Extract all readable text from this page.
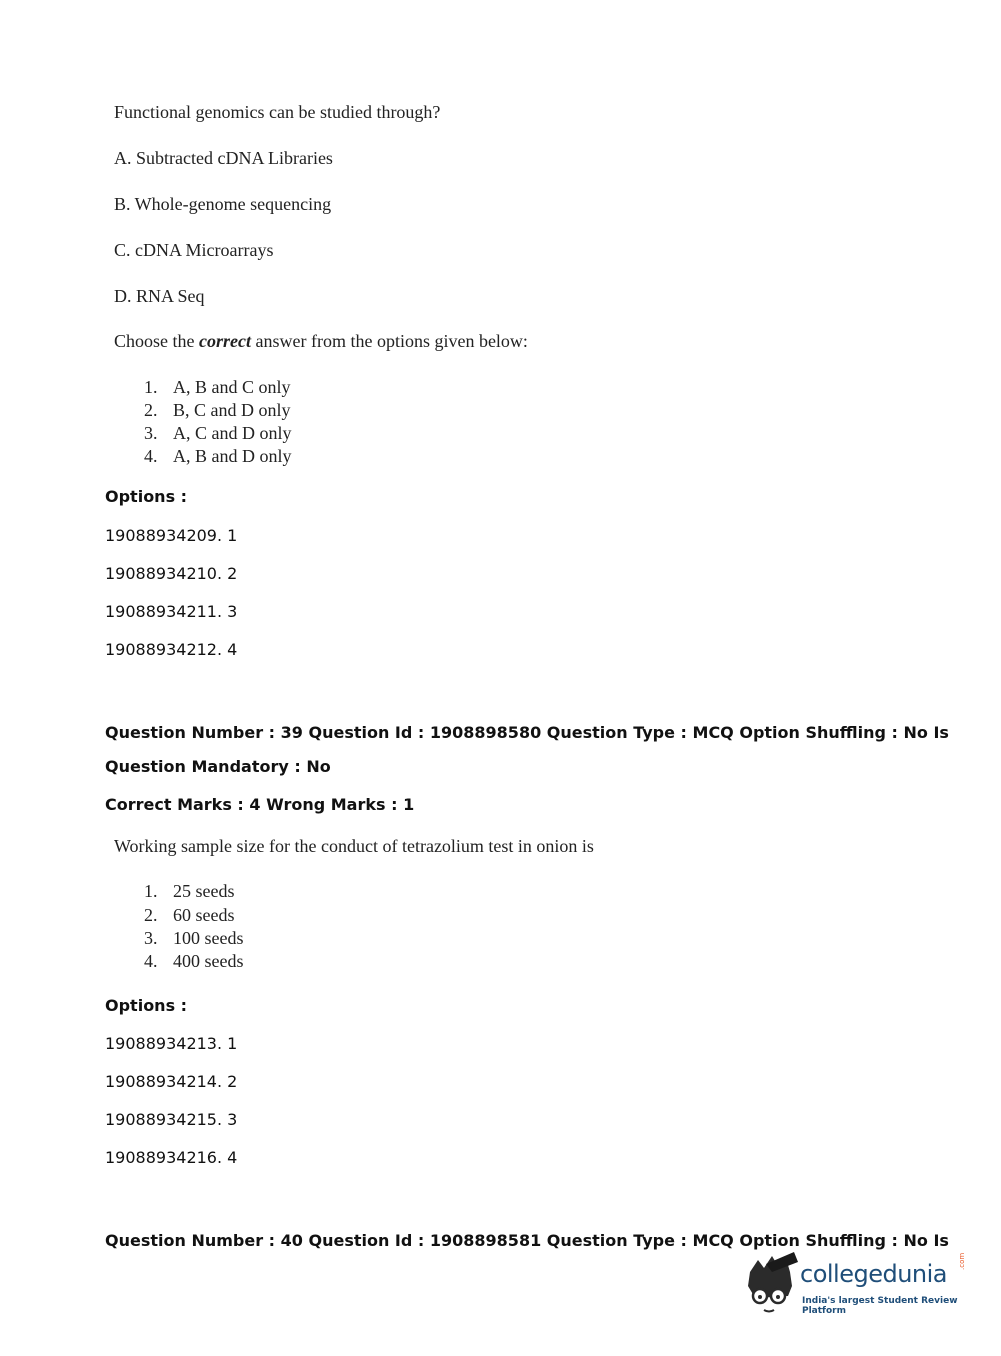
Functional genomics can be studied through?
A. Subtracted cDNA Libraries
B. Whole-genome sequencing
C. cDNA Microarrays
D. RNA Seq
Choose the correct answer from the options given below:
1. A, B and C only
2. B, C and D only
3. A, C and D only
4. A, B and D only
Options :
19088934209. 1
19088934210. 2
19088934211. 3
19088934212. 4
Question Number : 39 Question Id : 1908898580 Question Type : MCQ Option Shuffling : No Is
Question Mandatory : No
Correct Marks : 4 Wrong Marks : 1
Working sample size for the conduct of tetrazolium test in onion is
1. 25 seeds
2. 60 seeds
3. 100 seeds
4. 400 seeds
Options :
19088934213. 1
19088934214. 2
19088934215. 3
19088934216. 4
Question Number : 40 Question Id : 1908898581 Question Type : MCQ Option Shuffling : No Is
collegedunia .com
India's largest Student Review Platform
